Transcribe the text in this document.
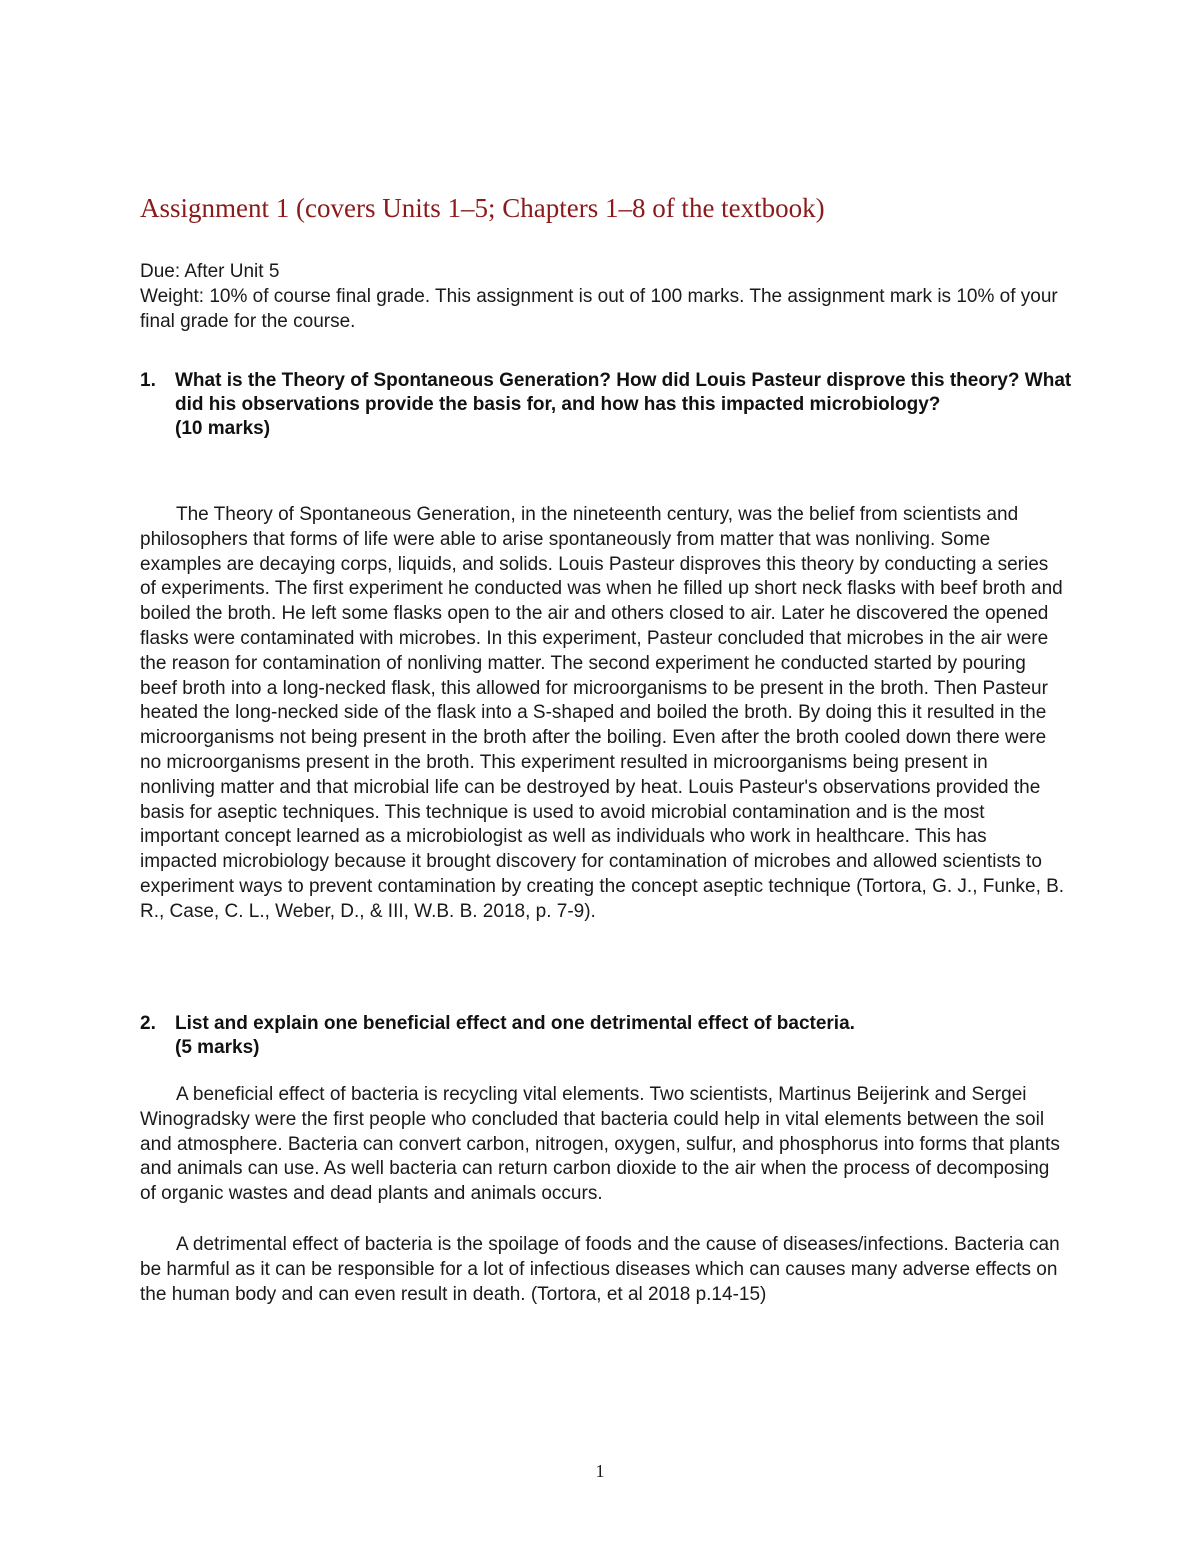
Assignment 1 (covers Units 1–5; Chapters 1–8 of the textbook)

Due: After Unit 5

Weight: 10% of course final grade. This assignment is out of 100 marks. The assignment mark is 10% of your final grade for the course.

1.	What is the Theory of Spontaneous Generation? How did Louis Pasteur disprove this theory? What did his observations provide the basis for, and how has this impacted microbiology?
(10 marks)

The Theory of Spontaneous Generation, in the nineteenth century, was the belief from scientists and philosophers that forms of life were able to arise spontaneously from matter that was nonliving. Some examples are decaying corps, liquids, and solids. Louis Pasteur disproves this theory by conducting a series of experiments. The first experiment he conducted was when he filled up short neck flasks with beef broth and boiled the broth. He left some flasks open to the air and others closed to air. Later he discovered the opened flasks were contaminated with microbes. In this experiment, Pasteur concluded that microbes in the air were the reason for contamination of nonliving matter. The second experiment he conducted started by pouring beef broth into a long-necked flask, this allowed for microorganisms to be present in the broth. Then Pasteur heated the long-necked side of the flask into a S-shaped and boiled the broth. By doing this it resulted in the microorganisms not being present in the broth after the boiling. Even after the broth cooled down there were no microorganisms present in the broth. This experiment resulted in microorganisms being present in nonliving matter and that microbial life can be destroyed by heat. Louis Pasteur's observations provided the basis for aseptic techniques. This technique is used to avoid microbial contamination and is the most important concept learned as a microbiologist as well as individuals who work in healthcare. This has impacted microbiology because it brought discovery for contamination of microbes and allowed scientists to experiment ways to prevent contamination by creating the concept aseptic technique (Tortora, G. J., Funke, B. R., Case, C. L., Weber, D., & III, W.B. B. 2018, p. 7-9).

2.	List and explain one beneficial effect and one detrimental effect of bacteria.
(5 marks)

A beneficial effect of bacteria is recycling vital elements. Two scientists, Martinus Beijerink and Sergei Winogradsky were the first people who concluded that bacteria could help in vital elements between the soil and atmosphere. Bacteria can convert carbon, nitrogen, oxygen, sulfur, and phosphorus into forms that plants and animals can use. As well bacteria can return carbon dioxide to the air when the process of decomposing of organic wastes and dead plants and animals occurs.

A detrimental effect of bacteria is the spoilage of foods and the cause of diseases/infections. Bacteria can be harmful as it can be responsible for a lot of infectious diseases which can causes many adverse effects on the human body and can even result in death. (Tortora, et al 2018 p.14-15)

1
